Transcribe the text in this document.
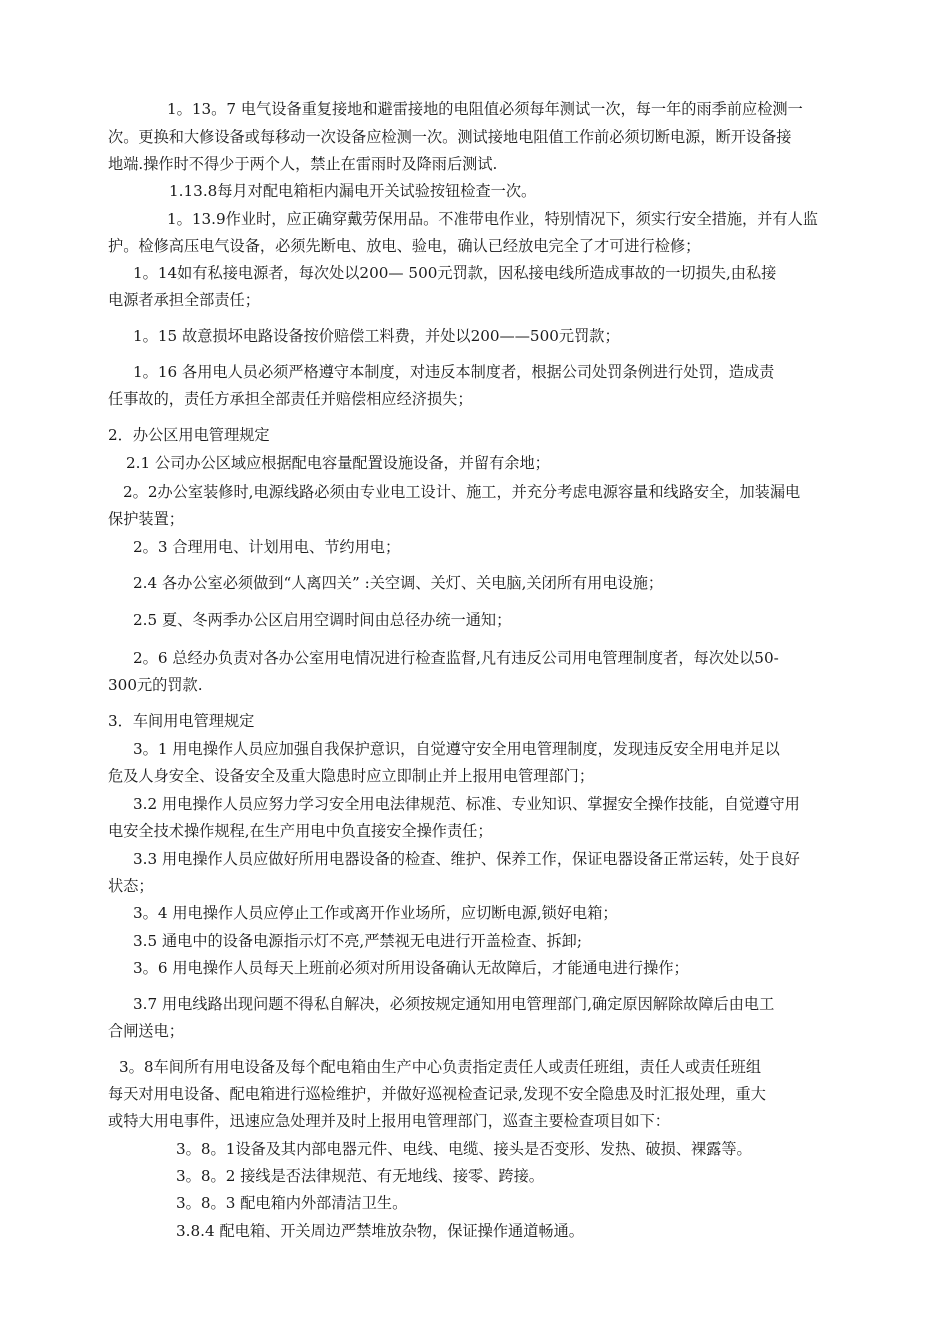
1。13。7 电气设备重复接地和避雷接地的电阻值必须每年测试一次，每一年的雨季前应检测一
次。更换和大修设备或每移动一次设备应检测一次。测试接地电阻值工作前必须切断电源，断开设备接
地端.操作时不得少于两个人，禁止在雷雨时及降雨后测试.
1.13.8每月对配电箱柜内漏电开关试验按钮检查一次。
1。13.9作业时，应正确穿戴劳保用品。不准带电作业，特别情况下，须实行安全措施，并有人监
护。检修高压电气设备，必须先断电、放电、验电，确认已经放电完全了才可进行检修；
1。14如有私接电源者，每次处以200— 500元罚款，因私接电线所造成事故的一切损失,由私接
电源者承担全部责任；
1。15 故意损坏电路设备按价赔偿工料费，并处以200——500元罚款；
1。16 各用电人员必须严格遵守本制度，对违反本制度者，根据公司处罚条例进行处罚，造成责
任事故的，责任方承担全部责任并赔偿相应经济损失；
2．办公区用电管理规定
2.1 公司办公区域应根据配电容量配置设施设备，并留有余地；
2。2办公室装修时,电源线路必须由专业电工设计、施工，并充分考虑电源容量和线路安全，加装漏电
保护装置；
2。3 合理用电、计划用电、节约用电；
2.4 各办公室必须做到“人离四关” :关空调、关灯、关电脑,关闭所有用电设施；
2.5 夏、冬两季办公区启用空调时间由总径办统一通知；
2。6 总经办负责对各办公室用电情况进行检查监督,凡有违反公司用电管理制度者，每次处以50-
300元的罚款.
3．车间用电管理规定
3。1 用电操作人员应加强自我保护意识，自觉遵守安全用电管理制度，发现违反安全用电并足以
危及人身安全、设备安全及重大隐患时应立即制止并上报用电管理部门；
3.2 用电操作人员应努力学习安全用电法律规范、标准、专业知识、掌握安全操作技能，自觉遵守用
电安全技术操作规程,在生产用电中负直接安全操作责任；
3.3 用电操作人员应做好所用电器设备的检查、维护、保养工作，保证电器设备正常运转，处于良好
状态；
3。4 用电操作人员应停止工作或离开作业场所，应切断电源,锁好电箱；
3.5 通电中的设备电源指示灯不亮,严禁视无电进行开盖检查、拆卸;
3。6 用电操作人员每天上班前必须对所用设备确认无故障后，才能通电进行操作；
3.7 用电线路出现问题不得私自解决，必须按规定通知用电管理部门,确定原因解除故障后由电工
合闸送电；
3。8车间所有用电设备及每个配电箱由生产中心负责指定责任人或责任班组，责任人或责任班组
每天对用电设备、配电箱进行巡检维护，并做好巡视检查记录,发现不安全隐患及时汇报处理，重大
或特大用电事件，迅速应急处理并及时上报用电管理部门，巡查主要检查项目如下：
3。8。1设备及其内部电器元件、电线、电缆、接头是否变形、发热、破损、裸露等。
3。8。2 接线是否法律规范、有无地线、接零、跨接。
3。8。3 配电箱内外部清洁卫生。
3.8.4 配电箱、开关周边严禁堆放杂物，保证操作通道畅通。
